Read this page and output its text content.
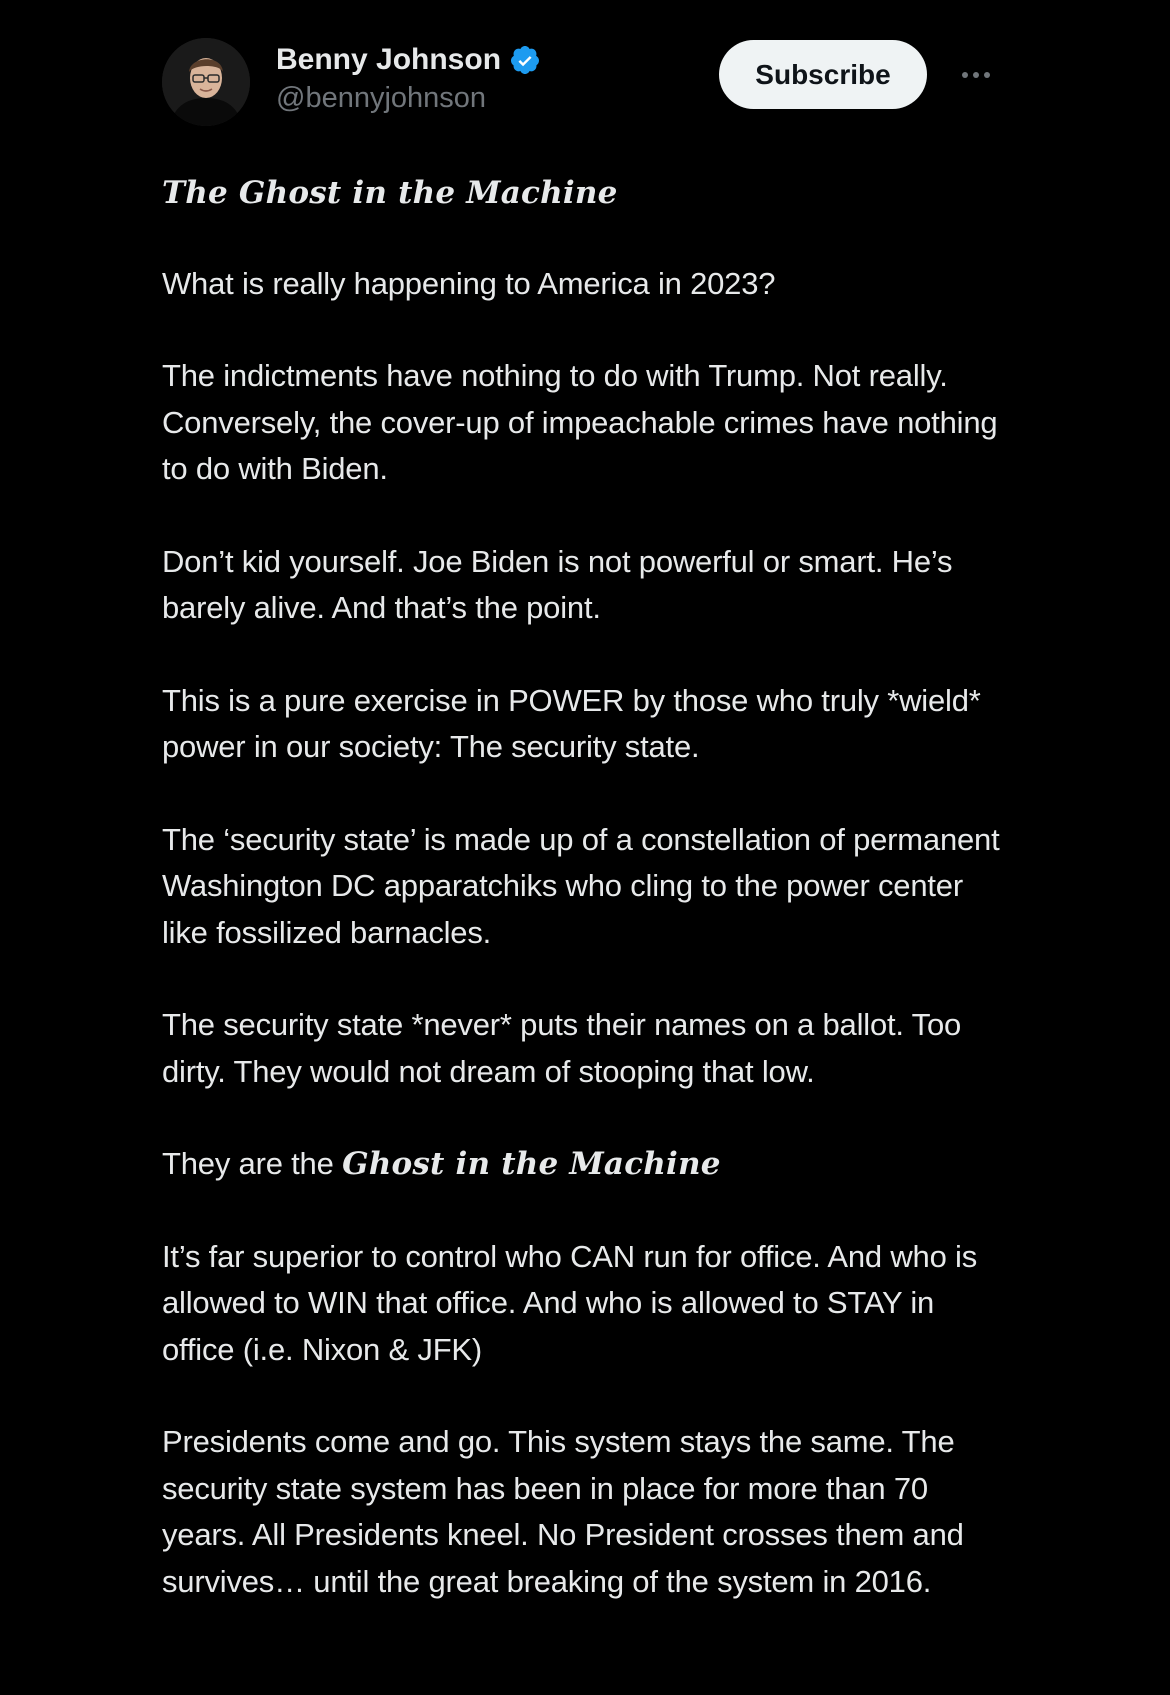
Benny Johnson
@bennyjohnson
Subscribe

The Ghost in the Machine

What is really happening to America in 2023?

The indictments have nothing to do with Trump. Not really. Conversely, the cover-up of impeachable crimes have nothing to do with Biden.

Don’t kid yourself. Joe Biden is not powerful or smart. He’s barely alive. And that’s the point.

This is a pure exercise in POWER by those who truly *wield* power in our society: The security state.

The ‘security state’ is made up of a constellation of permanent Washington DC apparatchiks who cling to the power center like fossilized barnacles.

The security state *never* puts their names on a ballot. Too dirty. They would not dream of stooping that low.

They are the Ghost in the Machine

It’s far superior to control who CAN run for office. And who is allowed to WIN that office. And who is allowed to STAY in office (i.e. Nixon & JFK)

Presidents come and go. This system stays the same. The security state system has been in place for more than 70 years. All Presidents kneel. No President crosses them and survives… until the great breaking of the system in 2016.
